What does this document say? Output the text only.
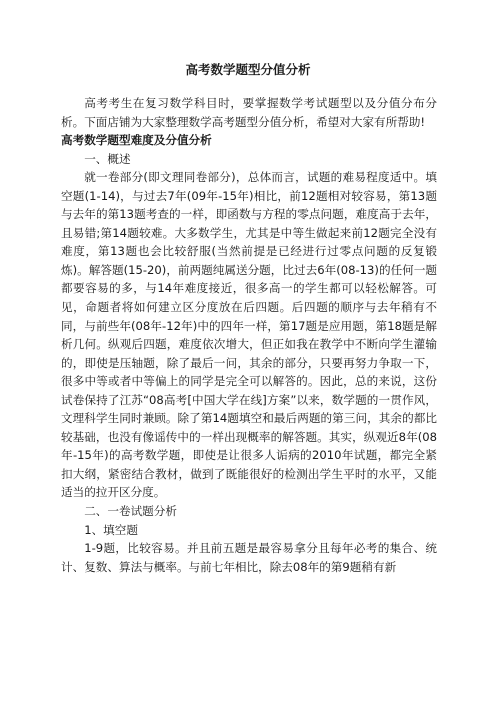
高考数学题型分值分析

高考考生在复习数学科目时，要掌握数学考试题型以及分值分布分析。下面店铺为大家整理数学高考题型分值分析，希望对大家有所帮助!

高考数学题型难度及分值分析

一、概述

就一卷部分(即文理同卷部分)，总体而言，试题的难易程度适中。填空题(1-14)，与过去7年(09年-15年)相比，前12题相对较容易，第13题与去年的第13题考查的一样，即函数与方程的零点问题，难度高于去年，且易错;第14题较难。大多数学生，尤其是中等生做起来前12题完全没有难度，第13题也会比较舒服(当然前提是已经进行过零点问题的反复锻炼)。解答题(15-20)，前两题纯属送分题，比过去6年(08-13)的任何一题都要容易的多，与14年难度接近，很多高一的学生都可以轻松解答。可见，命题者将如何建立区分度放在后四题。后四题的顺序与去年稍有不同，与前些年(08年-12年)中的四年一样，第17题是应用题，第18题是解析几何。纵观后四题，难度依次增大，但正如我在教学中不断向学生灌输的，即使是压轴题，除了最后一问，其余的部分，只要再努力争取一下，很多中等或者中等偏上的同学是完全可以解答的。因此，总的来说，这份试卷保持了江苏“08高考[中国大学在线]方案”以来，数学题的一贯作风，文理科学生同时兼顾。除了第14题填空和最后两题的第三问，其余的都比较基础，也没有像谣传中的一样出现概率的解答题。其实，纵观近8年(08年-15年)的高考数学题，即使是让很多人诟病的2010年试题，都完全紧扣大纲，紧密结合教材，做到了既能很好的检测出学生平时的水平，又能适当的拉开区分度。

二、一卷试题分析

1、填空题

1-9题，比较容易。并且前五题是最容易拿分且每年必考的集合、统计、复数、算法与概率。与前七年相比，除去08年的第9题稍有新
